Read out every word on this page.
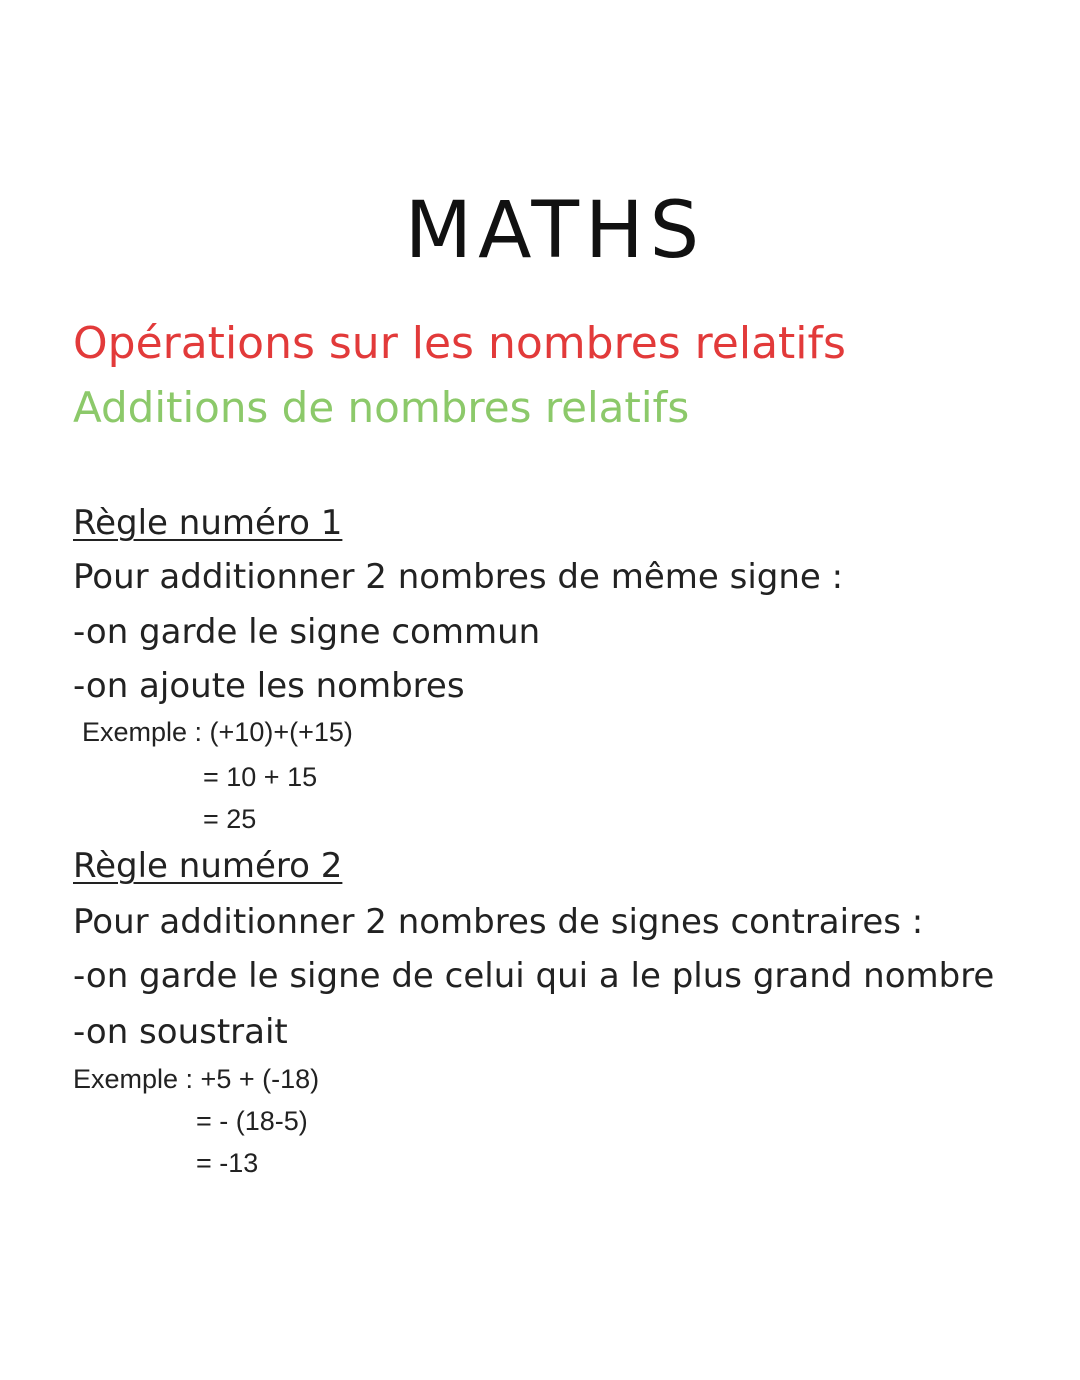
MATHS
Opérations sur les nombres relatifs
Additions de nombres relatifs
Règle numéro 1
Pour additionner 2 nombres de même signe :
-on garde le signe commun
-on ajoute les nombres
Exemple : (+10)+(+15)
= 10 + 15
= 25
Règle numéro 2
Pour additionner 2 nombres de signes contraires :
-on garde le signe de celui qui a le plus grand nombre
-on soustrait
Exemple : +5 + (-18)
= - (18-5)
= -13
